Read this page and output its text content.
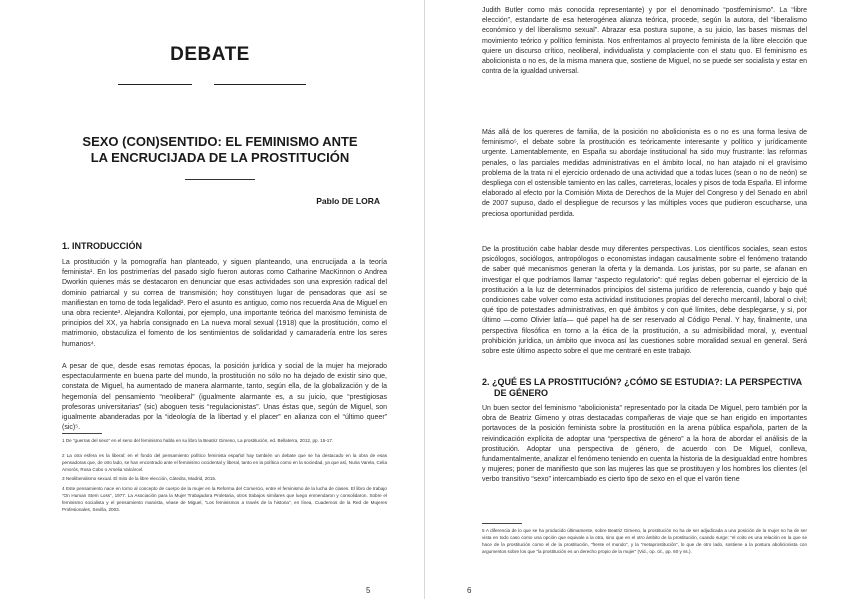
DEBATE
SEXO (CON)SENTIDO: EL FEMINISMO ANTE
LA ENCRUCIJADA DE LA PROSTITUCIÓN
Pablo DE LORA
1. INTRODUCCIÓN

La prostitución y la pornografía han planteado, y siguen planteando, una encrucijada a la teoría feminista¹. En los postrimerías del pasado siglo fueron autoras como Catharine MacKinnon o Andrea Dworkin quienes más se destacaron en denunciar que esas actividades son una expresión radical del dominio patriarcal y su correa de transmisión; hoy constituyen lugar de pensadoras que así se manifiestan en torno de toda legalidad². Pero el asunto es antiguo, como nos recuerda Ana de Miguel en una obra reciente³. Alejandra Kollontai, por ejemplo, una importante teórica del marxismo feminista de principios del XX, ya habría consignado en La nueva moral sexual (1918) que la prostitución, como el matrimonio, obstaculiza el fomento de los sentimientos de solidaridad y camaradería entre los seres humanos⁴.

A pesar de que, desde esas remotas épocas, la posición jurídica y social de la mujer ha mejorado espectacularmente en buena parte del mundo, la prostitución no sólo no ha dejado de existir sino que, constata de Miguel, ha aumentado de manera alarmante, tanto, según ella, de la globalización y de la hegemonía del pensamiento “neoliberal” (igualmente alarmante es, a su juicio, que “prestigiosas profesoras universitarias” (sic) aboguen tesis “regulacionistas”. Unas éstas que, según de Miguel, son igualmente abanderadas por la “ideología de la libertad y el placer” en alianza con el “último queer” (sic)⁵.

1 De “guerras del sexo” en el seno del feminismo habla en su libro la Beatriz Gimeno, La prostitución, ed. Bellaterra, 2012, pp. 15-17.

2 La otra esfera es la liberal: en el fondo del pensamiento político feminista español hay también un debate que se ha destacado en la obra de esas pensadoras que, de otro lado, se han encontrado ante el feminismo occidental y liberal, tanto en la política como en la sociedad, ya que así, Nuria Varela, Celia Amorós, Rosa Cobo o Amelia Valcárcel.

3 Neoliberalismo sexual. El mito de la libre elección, Cátedra, Madrid, 2015.

4 Este pensamiento nace en torno al concepto de cuerpo de la mujer en la Reforma del Comercio, entre el feminismo de la lucha de clases. El libro de trabajo “On Human Stem Loss”, 1977. La Asociación para la Mujer Trabajadora Proletaria, otros trabajos similares que luego enmendaron y consolidaron. Sobre el feminismo socialista y el pensamiento marxista, véase de Miguel, “Los feminismos a través de la historia”, en línea, Cuadernos de la Red de Mujeres Profesionales, Sevilla, 2003.

5

Judith Butler como más conocida representante) y por el denominado “postfeminismo”. La “libre elección”, estandarte de esa heterogénea alianza teórica, procede, según la autora, del “liberalismo económico y del liberalismo sexual”. Abrazar esa postura supone, a su juicio, las bases mismas del movimiento teórico y político feminista. Nos enfrentamos al proyecto feminista de la libre elección que quiere un discurso crítico, neoliberal, individualista y complaciente con el statu quo. El feminismo es abolicionista o no es, de la misma manera que, sostiene de Miguel, no se puede ser socialista y estar en contra de la igualdad universal.

Más allá de los quereres de familia, de la posición no abolicionista es o no es una forma lesiva de feminismo⁵, el debate sobre la prostitución es teóricamente interesante y político y jurídicamente urgente. Lamentablemente, en España su abordaje institucional ha sido muy frustrante: las reformas penales, o las parciales medidas administrativas en el ámbito local, no han atajado ni el gravísimo problema de la trata ni el ejercicio ordenado de una actividad que a todas luces (sean o no de neón) se despliega con el ostensible tamiento en las calles, carreteras, locales y pisos de toda España. El informe elaborado al efecto por la Comisión Mixta de Derechos de la Mujer del Congreso y del Senado en abril de 2007 supuso, dado el despliegue de recursos y las múltiples voces que pudieron escucharse, una preciosa oportunidad perdida.

De la prostitución cabe hablar desde muy diferentes perspectivas. Los científicos sociales, sean estos psicólogos, sociólogos, antropólogos o economistas indagan causalmente sobre el fenómeno tratando de saber qué mecanismos generan la oferta y la demanda. Los juristas, por su parte, se afanan en investigar el que podríamos llamar “aspecto regulatorio”: qué reglas deben gobernar el ejercicio de la prostitución a la luz de determinados principios del sistema jurídico de referencia, cuando y bajo qué condiciones cabe volver como esta actividad instituciones propias del derecho mercantil, laboral o civil; qué tipo de potestades administrativas, en qué ámbitos y con qué límites, debe desplegarse, y si, por último —como Olivier latía— qué papel ha de ser reservado al Código Penal. Y hay, finalmente, una perspectiva filosófica en torno a la ética de la prostitución, a su admisibilidad moral, y, eventual prohibición jurídica, un ámbito que invoca así las cuestiones sobre moralidad sexual en general. Será sobre este último aspecto sobre el que me centraré en este trabajo.

2. ¿QUÉ ES LA PROSTITUCIÓN? ¿CÓMO SE ESTUDIA?: LA PERSPECTIVA
DE GÉNERO

Un buen sector del feminismo “abolicionista” representado por la citada De Miguel, pero también por la obra de Beatriz Gimeno y otras destacadas compañeras de viaje que se han erigido en importantes portavoces de la posición feminista sobre la prostitución en la arena pública española, parten de la reivindicación explícita de adoptar una “perspectiva de género” a la hora de abordar el análisis de la prostitución. Adoptar una perspectiva de género, de acuerdo con De Miguel, conlleva, fundamentalmente, analizar el fenómeno teniendo en cuenta la historia de la desigualdad entre hombres y mujeres; poner de manifiesto que son las mujeres las que se prostituyen y los hombres los clientes (el verbo transitivo “sexo” intercambiado es cierto tipo de sexo en el que el varón tiene

5 A diferencia de lo que se ha producido últimamente, sobre Beatriz Gimeno, la prostitución no ha de ser adjudicada a una posición de la mujer no ha de ser vista en todo caso como una opción que equivale a la otra, sino que en el otro ámbito de la prostitución, cuando surge: “el coito es una relación en la que se hace de la prostitución como el de la prostitución, “frente el mundo”, y la “metaprostitución”, lo que de otro lado, sostiene a la postura abolicionista con argumentos sobre los que “la prostitución es un derecho propio de la mujer” (Vid., op. cit., pp. 60 y ss.).

6
